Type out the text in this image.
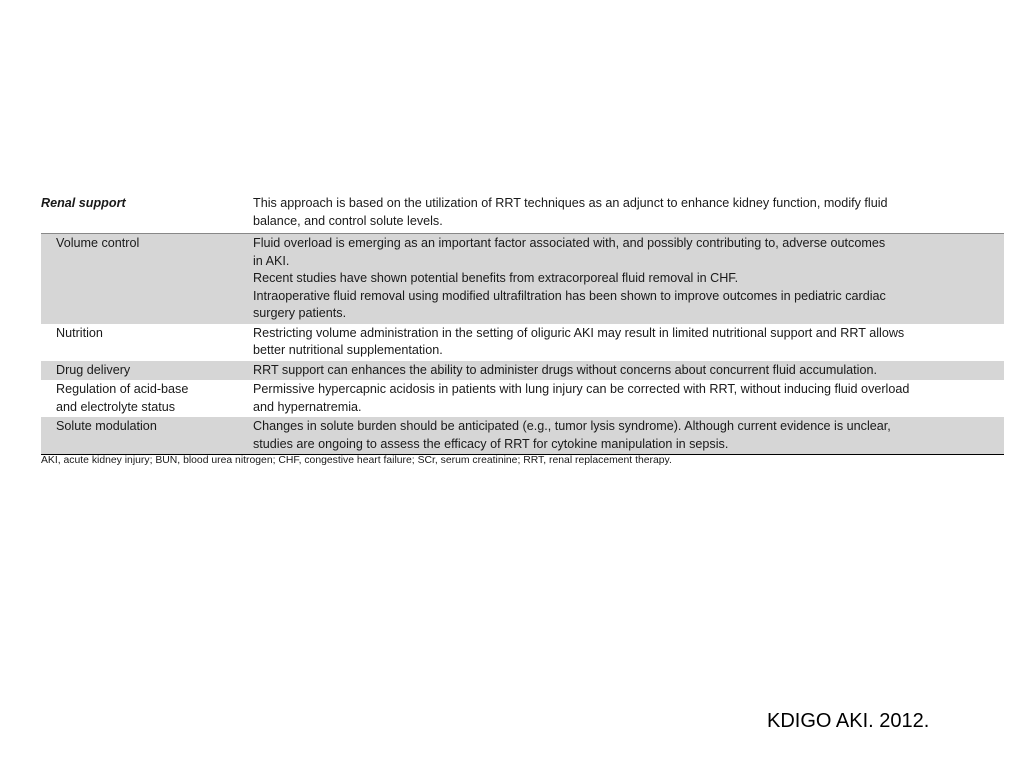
Renal support	This approach is based on the utilization of RRT techniques as an adjunct to enhance kidney function, modify fluid
balance, and control solute levels.

Volume control	Fluid overload is emerging as an important factor associated with, and possibly contributing to, adverse outcomes
in AKI.
Recent studies have shown potential benefits from extracorporeal fluid removal in CHF.
Intraoperative fluid removal using modified ultrafiltration has been shown to improve outcomes in pediatric cardiac
surgery patients.

Nutrition	Restricting volume administration in the setting of oliguric AKI may result in limited nutritional support and RRT allows
better nutritional supplementation.

Drug delivery	RRT support can enhances the ability to administer drugs without concerns about concurrent fluid accumulation.

Regulation of acid-base
and electrolyte status	Permissive hypercapnic acidosis in patients with lung injury can be corrected with RRT, without inducing fluid overload
and hypernatremia.

Solute modulation	Changes in solute burden should be anticipated (e.g., tumor lysis syndrome). Although current evidence is unclear,
studies are ongoing to assess the efficacy of RRT for cytokine manipulation in sepsis.
AKI, acute kidney injury; BUN, blood urea nitrogen; CHF, congestive heart failure; SCr, serum creatinine; RRT, renal replacement therapy.
KDIGO AKI. 2012.
